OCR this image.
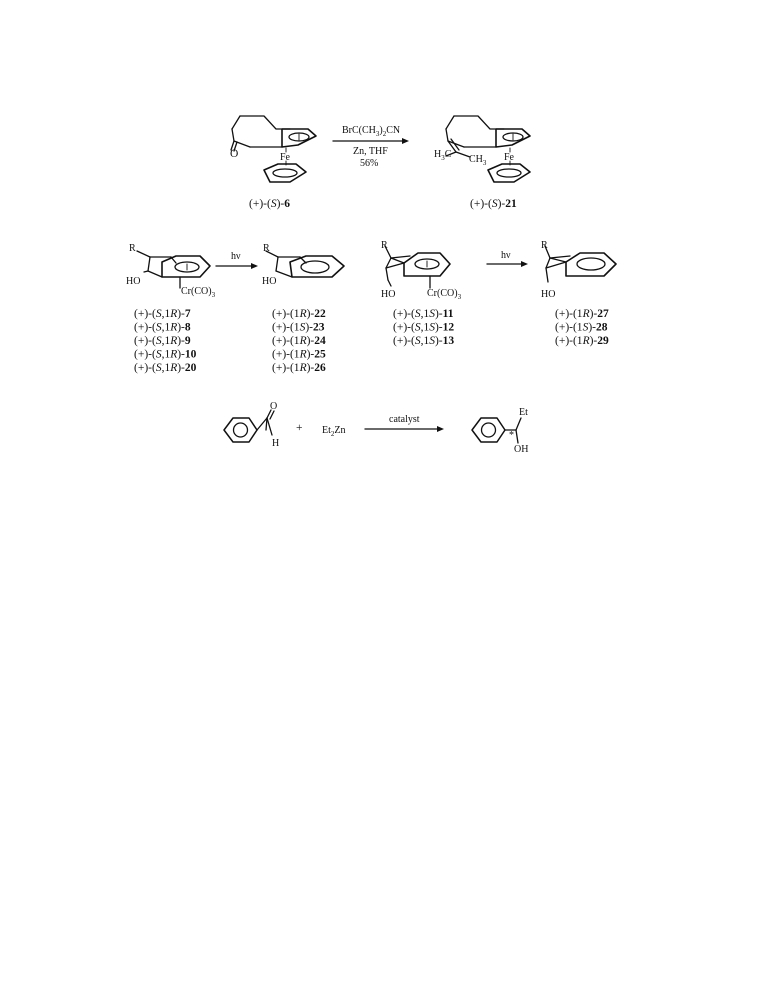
O	Fe
$BrC(CH_3)_2CN$
Zn, THF
56%
$H_3C$ $CH_3$ Fe
(+)-(S)-6	(+)-(S)-21
R
HO
$Cr(CO)_3$
hν
R
HO
(+)-(S,1R)-7
(+)-(S,1R)-8
(+)-(S,1R)-9
(+)-(S,1R)-10
(+)-(S,1R)-20
(+)-(1R)-22
(+)-(1S)-23
(+)-(1R)-24
(+)-(1R)-25
(+)-(1R)-26
R
HO	$Cr(CO)_3$
hν
R
HO
(+)-(S,1S)-11
(+)-(S,1S)-12
(+)-(S,1S)-13
(+)-(1R)-27
(+)-(1S)-28
(+)-(1R)-29
O
H
+ $Et_2Zn$
catalyst
Et
*
OH
